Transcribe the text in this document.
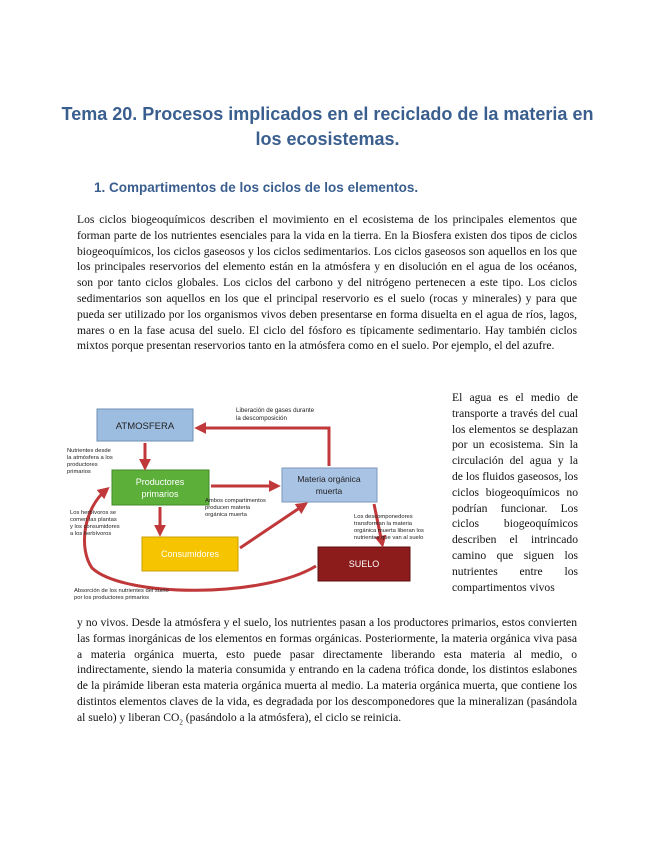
Tema 20. Procesos implicados en el reciclado de la materia en los ecosistemas.
1. Compartimentos de los ciclos de los elementos.

Los ciclos biogeoquímicos describen el movimiento en el ecosistema de los principales elementos que forman parte de los nutrientes esenciales para la vida en la tierra. En la Biosfera existen dos tipos de ciclos biogeoquímicos, los ciclos gaseosos y los ciclos sedimentarios. Los ciclos gaseosos son aquellos en los que los principales reservorios del elemento están en la atmósfera y en disolución en el agua de los océanos, son por tanto ciclos globales. Los ciclos del carbono y del nitrógeno pertenecen a este tipo. Los ciclos sedimentarios son aquellos en los que el principal reservorio es el suelo (rocas y minerales) y para que pueda ser utilizado por los organismos vivos deben presentarse en forma disuelta en el agua de ríos, lagos, mares o en la fase acusa del suelo. El ciclo del fósforo es típicamente sedimentario. Hay también ciclos mixtos porque presentan reservorios tanto en la atmósfera como en el suelo. Por ejemplo, el del azufre.

ATMOSFERA
Productores
primarios
Materia orgánica
muerta
Consumidores
SUELO
Liberación de gases durante
la descomposición
Nutrientes desde
la atmósfera a los
productores
primarios
Ambos compartimentos
producen materia
orgánica muerta
Los herbívoros se
comen las plantas
y los consumidores
a los herbívoros
Los descomponedores
transforman la materia
orgánica muerta liberan los
nutrientes que van al suelo
Absorción de los nutrientes del suelo
por los productores primarios

El agua es el medio de transporte a través del cual los elementos se desplazan por un ecosistema. Sin la circulación del agua y la de los fluidos gaseosos, los ciclos biogeoquímicos no podrían funcionar. Los ciclos biogeoquímicos describen el intrincado camino que siguen los nutrientes entre los compartimentos vivos

y no vivos. Desde la atmósfera y el suelo, los nutrientes pasan a los productores primarios, estos convierten las formas inorgánicas de los elementos en formas orgánicas. Posteriormente, la materia orgánica viva pasa a materia orgánica muerta, esto puede pasar directamente liberando esta materia al medio, o indirectamente, siendo la materia consumida y entrando en la cadena trófica donde, los distintos eslabones de la pirámide liberan esta materia orgánica muerta al medio. La materia orgánica muerta, que contiene los distintos elementos claves de la vida, es degradada por los descomponedores que la mineralizan (pasándola al suelo) y liberan $CO_2$ (pasándolo a la atmósfera), el ciclo se reinicia.
